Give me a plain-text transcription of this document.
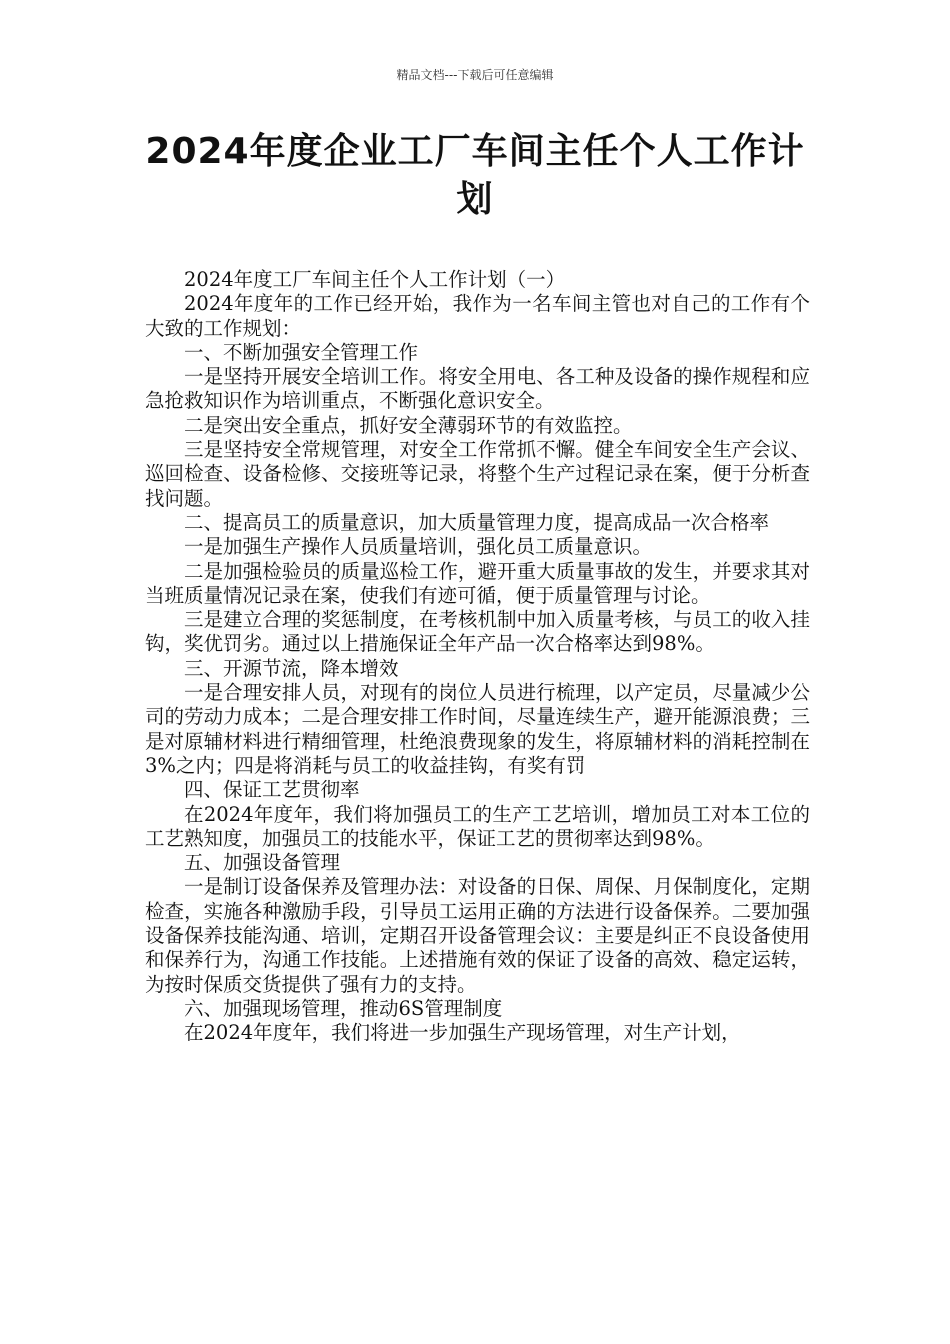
精品文档---下载后可任意编辑
2024年度企业工厂车间主任个人工作计划

2024年度工厂车间主任个人工作计划（一）

2024年度年的工作已经开始，我作为一名车间主管也对自己的工作有个大致的工作规划：

一、不断加强安全管理工作

一是坚持开展安全培训工作。将安全用电、各工种及设备的操作规程和应急抢救知识作为培训重点，不断强化意识安全。

二是突出安全重点，抓好安全薄弱环节的有效监控。

三是坚持安全常规管理，对安全工作常抓不懈。健全车间安全生产会议、巡回检查、设备检修、交接班等记录，将整个生产过程记录在案，便于分析查找问题。

二、提高员工的质量意识，加大质量管理力度，提高成品一次合格率

一是加强生产操作人员质量培训，强化员工质量意识。

二是加强检验员的质量巡检工作，避开重大质量事故的发生，并要求其对当班质量情况记录在案，使我们有迹可循，便于质量管理与讨论。

三是建立合理的奖惩制度，在考核机制中加入质量考核，与员工的收入挂钩，奖优罚劣。通过以上措施保证全年产品一次合格率达到98%。

三、开源节流，降本增效

一是合理安排人员，对现有的岗位人员进行梳理，以产定员，尽量减少公司的劳动力成本；二是合理安排工作时间，尽量连续生产，避开能源浪费；三是对原辅材料进行精细管理，杜绝浪费现象的发生，将原辅材料的消耗控制在3%之内；四是将消耗与员工的收益挂钩，有奖有罚

四、保证工艺贯彻率

在2024年度年，我们将加强员工的生产工艺培训，增加员工对本工位的工艺熟知度，加强员工的技能水平，保证工艺的贯彻率达到98%。

五、加强设备管理

一是制订设备保养及管理办法：对设备的日保、周保、月保制度化，定期检查，实施各种激励手段，引导员工运用正确的方法进行设备保养。二要加强设备保养技能沟通、培训，定期召开设备管理会议：主要是纠正不良设备使用和保养行为，沟通工作技能。上述措施有效的保证了设备的高效、稳定运转，为按时保质交货提供了强有力的支持。

六、加强现场管理，推动6S管理制度

在2024年度年，我们将进一步加强生产现场管理，对生产计划，
